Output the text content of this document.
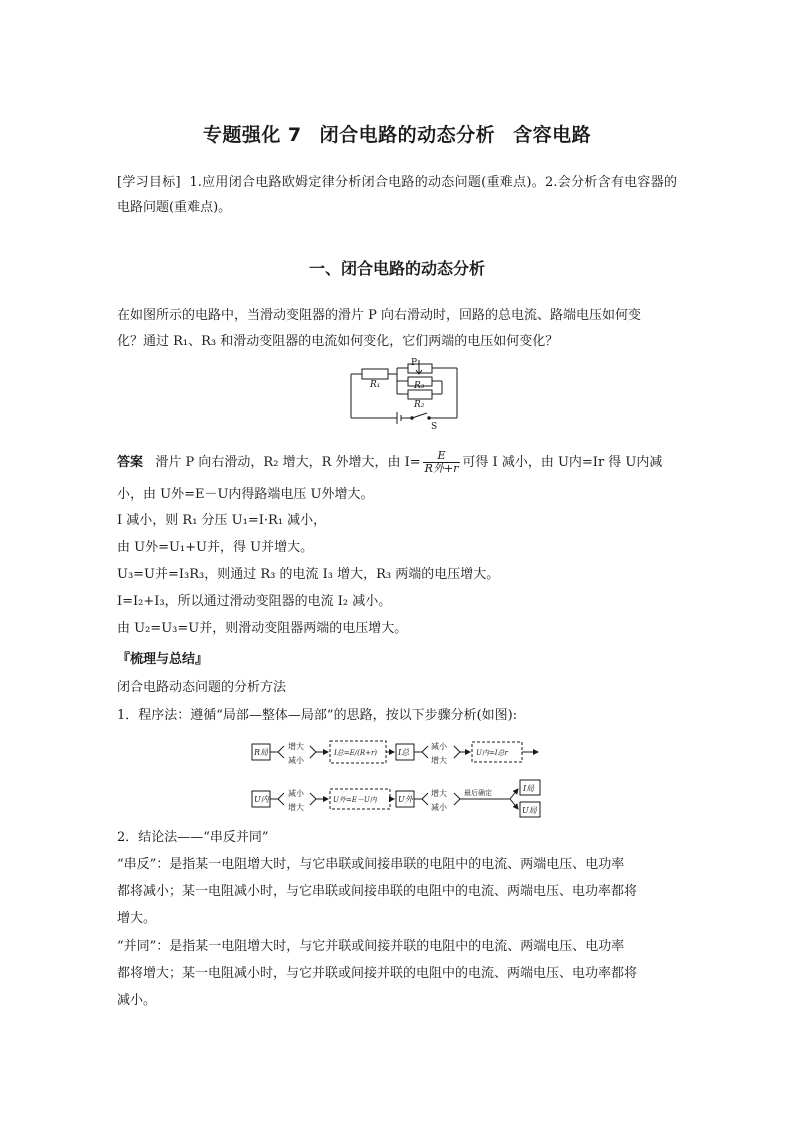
专题强化 7 闭合电路的动态分析 含容电路
[学习目标] 1.应用闭合电路欧姆定律分析闭合电路的动态问题(重难点)。2.会分析含有电容器的电路问题(重难点)。
一、闭合电路的动态分析
在如图所示的电路中，当滑动变阻器的滑片 P 向右滑动时，回路的总电流、路端电压如何变
化？通过 R₁、R₃ 和滑动变阻器的电流如何变化，它们两端的电压如何变化？
P
R₁	R₃
R₂
S
答案 滑片 P 向右滑动，R₂ 增大，R 外增大，由 $I= \frac{E}{\text{R外+r}}$ 可得 I 减小，由 U内=Ir 得 U内减
小，由 U外=E－U内得路端电压 U外增大。
I 减小，则 R₁ 分压 U₁=I·R₁ 减小，
由 U外=U₁+U并，得 U并增大。
U₃=U并=I₃R₃，则通过 R₃ 的电流 I₃ 增大，R₃ 两端的电压增大。
I=I₂+I₃，所以通过滑动变阻器的电流 I₂ 减小。
由 U₂=U₃=U并，则滑动变阻器两端的电压增大。
『梳理与总结』
闭合电路动态问题的分析方法
1．程序法：遵循“局部—整体—局部”的思路，按以下步骤分析(如图):
R局
增大
减小
I总=E/(R+r)	I总
减小
增大
U内=I总r
U内
减小
增大
U外=E－U内	U外
增大
减小
最后确定	I局
U局
2．结论法——“串反并同”
“串反”：是指某一电阻增大时，与它串联或间接串联的电阻中的电流、两端电压、电功率
都将减小；某一电阻减小时，与它串联或间接串联的电阻中的电流、两端电压、电功率都将
增大。
“并同”：是指某一电阻增大时，与它并联或间接并联的电阻中的电流、两端电压、电功率
都将增大；某一电阻减小时，与它并联或间接并联的电阻中的电流、两端电压、电功率都将
减小。
